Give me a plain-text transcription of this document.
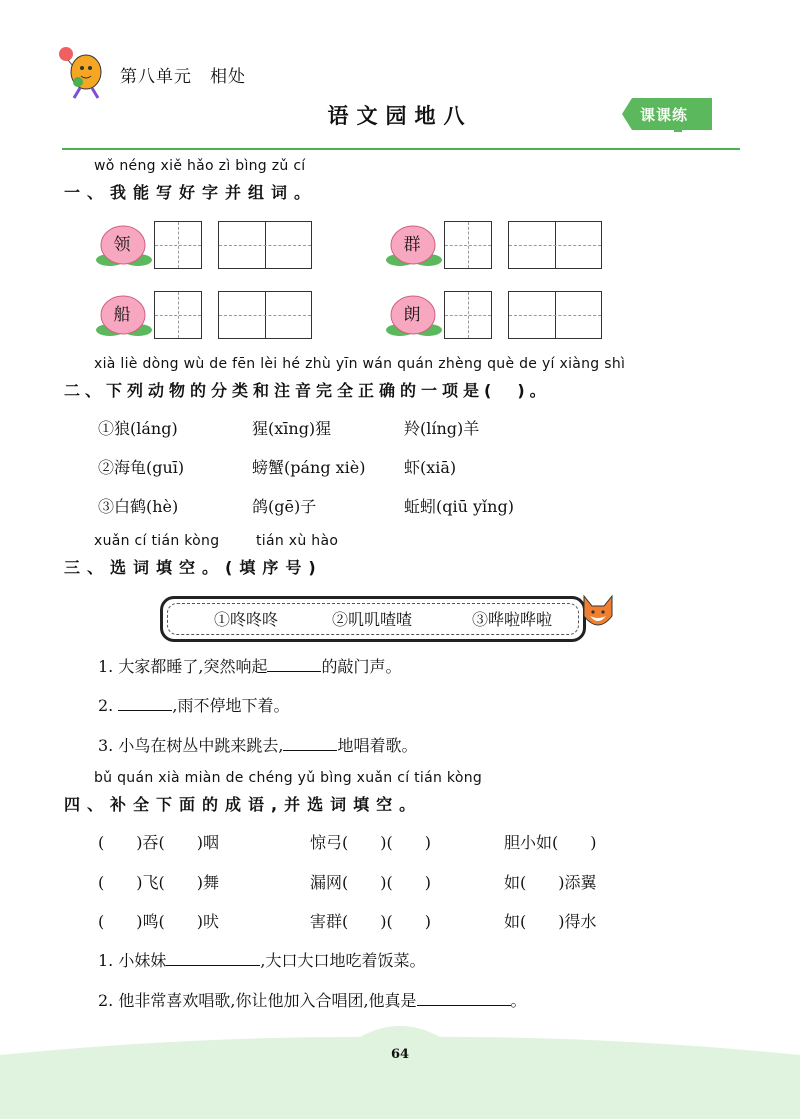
第八单元　相处
语文园地八	课课练
wǒ néng xiě hǎo zì bìng zǔ cí
一、我能写好字并组词。
领	群
船	朗
xià liè dòng wù de fēn lèi hé zhù yīn wán quán zhèng què de yí xiàng shì
二、下列动物的分类和注音完全正确的一项是(　)。
①狼(láng)	猩(xīng)猩	羚(líng)羊
②海龟(guī)	螃蟹(páng xiè) 虾(xiā)
③白鹤(hè)	鸽(gē)子	蚯蚓(qiū yǐng)
xuǎn cí tián kòng	tián xù hào
三、选词填空。(填序号)
①咚咚咚	②叽叽喳喳	③哗啦哗啦
1. 大家都睡了,突然响起	的敲门声。
2.	,雨不停地下着。
3. 小鸟在树丛中跳来跳去,	地唱着歌。
bǔ quán xià miàn de chéng yǔ bìng xuǎn cí tián kòng
四、补全下面的成语,并选词填空。
(　　)吞(　　)咽	惊弓(　　)(　　)	胆小如(　　)
(　　)飞(　　)舞	漏网(　　)(　　)	如(　　)添翼
(　　)鸣(　　)吠	害群(　　)(　　)	如(　　)得水
1. 小妹妹	,大口大口地吃着饭菜。
2. 他非常喜欢唱歌,你让他加入合唱团,他真是	。
64
